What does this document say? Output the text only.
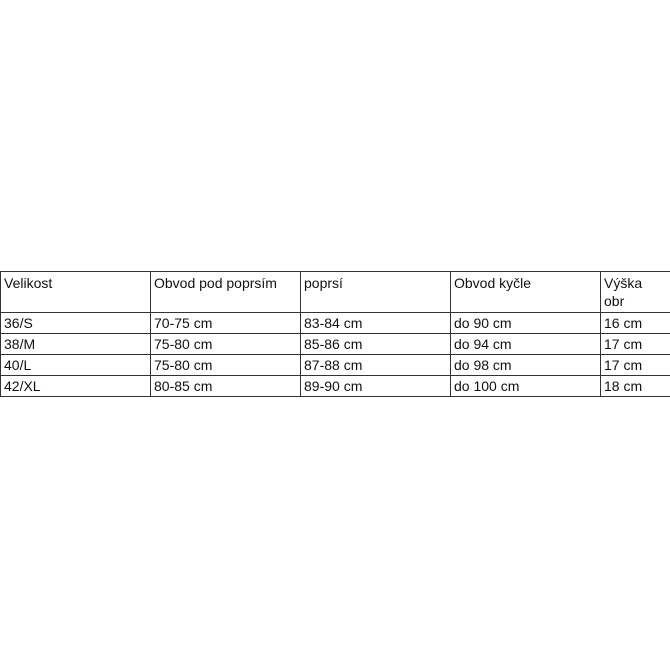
Velikost	Obvod pod poprsím	poprsí	Obvod kyčle	Výška
obr

36/S	70-75 cm	83-84 cm	do 90 cm	16 cm
38/M	75-80 cm	85-86 cm	do 94 cm	17 cm
40/L	75-80 cm	87-88 cm	do 98 cm	17 cm
42/XL	80-85 cm	89-90 cm	do 100 cm	18 cm
